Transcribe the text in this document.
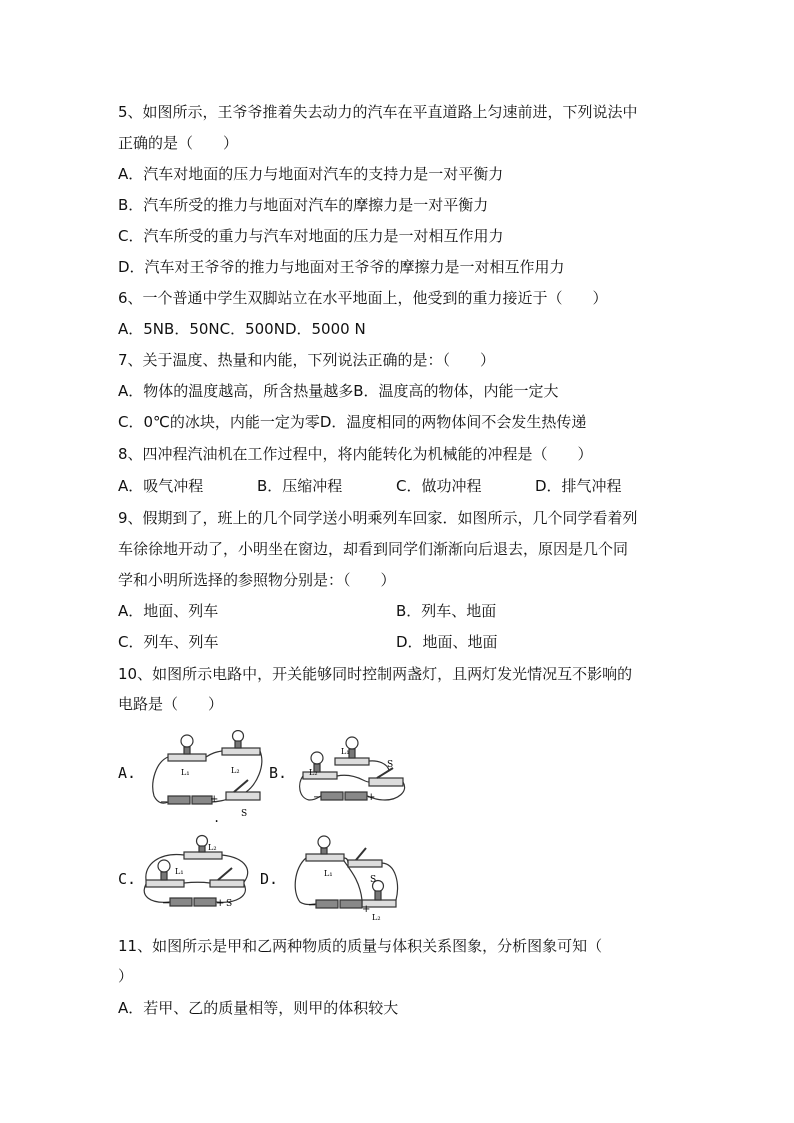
5、如图所示，王爷爷推着失去动力的汽车在平直道路上匀速前进，下列说法中
正确的是（　　）
A．汽车对地面的压力与地面对汽车的支持力是一对平衡力
B．汽车所受的推力与地面对汽车的摩擦力是一对平衡力
C．汽车所受的重力与汽车对地面的压力是一对相互作用力
D．汽车对王爷爷的推力与地面对王爷爷的摩擦力是一对相互作用力
6、一个普通中学生双脚站立在水平地面上，他受到的重力接近于（　　）
A．5NB．50NC．500ND．5000 N
7、关于温度、热量和内能，下列说法正确的是：（　　）
A．物体的温度越高，所含热量越多B．温度高的物体，内能一定大
C．0℃的冰块，内能一定为零D．温度相同的两物体间不会发生热传递
8、四冲程汽油机在工作过程中，将内能转化为机械能的冲程是（　　）
A．吸气冲程	B．压缩冲程	C．做功冲程	D．排气冲程
9、假期到了，班上的几个同学送小明乘列车回家．如图所示，几个同学看着列
车徐徐地开动了，小明坐在窗边，却看到同学们渐渐向后退去，原因是几个同
学和小明所选择的参照物分别是：（　　）
A．地面、列车	B．列车、地面
C．列车、列车	D．地面、地面
10、如图所示电路中，开关能够同时控制两盏灯，且两灯发光情况互不影响的
电路是（　　）
A.	B.
C.	D.
.
L₁	L₂
−	+
S
L₁
L₂
S
−	+
L₂
L₁
−	+ S
L₁
S
L₂
−	+
11、如图所示是甲和乙两种物质的质量与体积关系图象，分析图象可知（
）
A．若甲、乙的质量相等，则甲的体积较大
